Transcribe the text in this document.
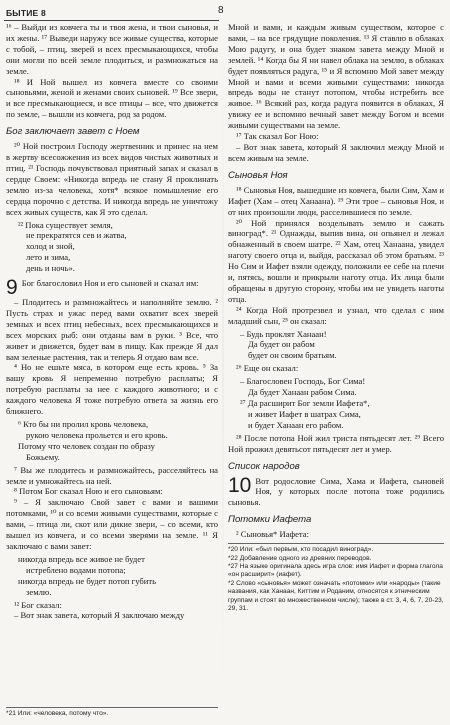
БЫТИЕ 8	8

¹⁶ – Выйди из ковчега ты и твоя жена, и твои сыновья, и их жены. ¹⁷ Выведи наружу все живые существа, которые с тобой, – птиц, зверей и всех пресмыкающихся, чтобы они могли по всей земле плодиться, и размножаться на земле.

¹⁸ И Ной вышел из ковчега вместе со своими сыновьями, женой и женами своих сыновей. ¹⁹ Все звери, и все пресмыкающиеся, и все птицы – все, что движется по земле, – вышли из ковчега, род за родом.

Бог заключает завет с Ноем

²⁰ Ной построил Господу жертвенник и принес на нем в жертву всесожжения из всех видов чистых животных и птиц. ²¹ Господь почувствовал приятный запах и сказал в сердце Своем: «Никогда впредь не стану Я проклинать землю из-за человека, хотя* всякое помышление его сердца порочно с детства. И никогда впредь не уничтожу всех живых существ, как Я это сделал.

²² Пока существует земля,
не прекратятся сев и жатва,
холод и зной,
лето и зима,
день и ночь».
9 Бог благословил Ноя и его сыновей и сказал им:

– Плодитесь и размножайтесь и наполняйте землю. ² Пусть страх и ужас перед вами охватит всех зверей земных и всех птиц небесных, всех пресмыкающихся и всех морских рыб: они отданы вам в руки. ³ Все, что живет и движется, будет вам в пищу. Как прежде Я дал вам зеленые растения, так и теперь Я отдаю вам все.

⁴ Но не ешьте мяса, в котором еще есть кровь. ⁵ За вашу кровь Я непременно потребую расплаты; Я потребую расплаты за нее с каждого животного; и с каждого человека Я тоже потребую ответа за жизнь его ближнего.

⁶ Кто бы ни пролил кровь человека,
рукою человека прольется и его кровь.
Потому что человек создан по образу
Божьему.

⁷ Вы же плодитесь и размножайтесь, расселяйтесь на земле и умножайтесь на ней.

⁸ Потом Бог сказал Ною и его сыновьям:

⁹ – Я заключаю Свой завет с вами и вашими потомками, ¹⁰ и со всеми живыми существами, которые с вами, – птица ли, скот или дикие звери, – со всеми, кто вышел из ковчега, и со всеми зверями на земле. ¹¹ Я заключаю с вами завет:

никогда впредь все живое не будет
истреблено водами потопа;
никогда впредь не будет потоп губить
землю.

¹² Бог сказал:

– Вот знак завета, который Я заключаю между

*21 Или: «человека, потому что».

Мной и вами, и каждым живым существом, которое с вами, – на все грядущие поколения. ¹³ Я ставлю в облаках Мою радугу, и она будет знаком завета между Мной и землей. ¹⁴ Когда бы Я ни навел облака на землю, в облаках будет появляться радуга, ¹⁵ и Я вспомню Мой завет между Мной и вами и всеми живыми существами: никогда впредь воды не станут потопом, чтобы истребить все живое. ¹⁶ Всякий раз, когда радуга появится в облаках, Я увижу ее и вспомню вечный завет между Богом и всеми живыми существами на земле.

¹⁷ Так сказал Бог Ною:

– Вот знак завета, который Я заключил между Мной и всем живым на земле.

Сыновья Ноя

¹⁸ Сыновья Ноя, вышедшие из ковчега, были Сим, Хам и Иафет (Хам – отец Ханаана). ¹⁹ Эти трое – сыновья Ноя, и от них произошли люди, расселившиеся по земле.

²⁰ Ной принялся возделывать землю и сажать виноград*. ²¹ Однажды, выпив вина, он опьянел и лежал обнаженный в своем шатре. ²² Хам, отец Ханаана, увидел наготу своего отца и, выйдя, рассказал об этом братьям. ²³ Но Сим и Иафет взяли одежду, положили ее себе на плечи и, пятясь, вошли и прикрыли наготу отца. Их лица были обращены в другую сторону, чтобы им не увидеть наготы отца.

²⁴ Когда Ной протрезвел и узнал, что сделал с ним младший сын, ²⁵ он сказал:

– Будь проклят Ханаан!
Да будет он рабом
будет он своим братьям.

²⁶ Еще он сказал:

– Благословен Господь, Бог Сима!
Да будет Ханаан рабом Сима.
²⁷ Да расширит Бог земли Иафета*,
и живет Иафет в шатрах Сима,
и будет Ханаан его рабом.

²⁸ После потопа Ной жил триста пятьдесят лет. ²⁹ Всего Ной прожил девятьсот пятьдесят лет и умер.

Список народов
10 Вот родословие Сима, Хама и Иафета, сыновей Ноя, у которых после потопа тоже родились сыновья.

Потомки Иафета

² Сыновья* Иафета:

*20 Или: «был первым, кто посадил виноград».
*22 Добавление одного из древних переводов.
*27 На языке оригинала здесь игра слов: имя Иафет и форма глагола «он расширит» (иафет).
*2 Слово «сыновья» может означать «потомки» или «народы» (такие названия, как Ханаан, Киттим и Роданим, относятся к этническим группам и стоят во множественном числе); также в ст. 3, 4, 6, 7, 20-23, 29, 31.
